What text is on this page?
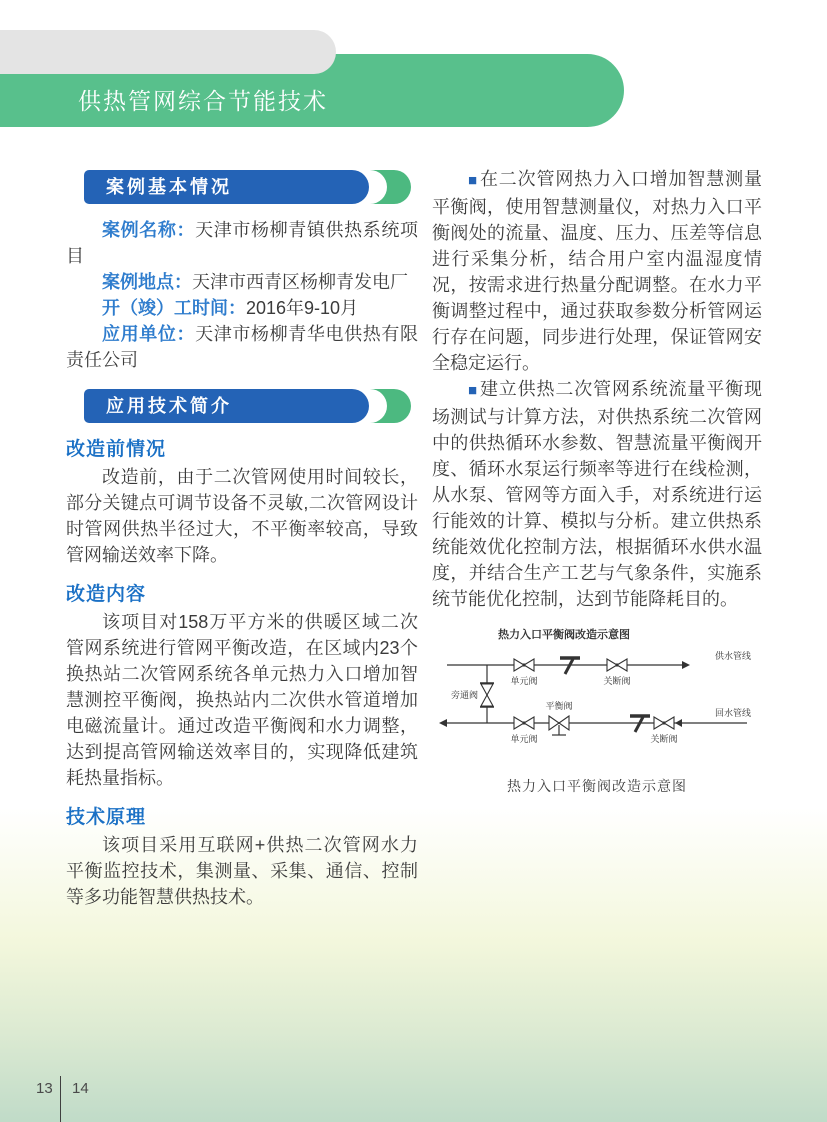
供热管网综合节能技术
案例基本情况

案例名称：天津市杨柳青镇供热系统项目

案例地点：天津市西青区杨柳青发电厂

开（竣）工时间：2016年9-10月

应用单位：天津市杨柳青华电供热有限责任公司

应用技术简介
改造前情况

改造前，由于二次管网使用时间较长，部分关键点可调节设备不灵敏,二次管网设计时管网供热半径过大，不平衡率较高，导致管网输送效率下降。

改造内容

该项目对158万平方米的供暖区域二次管网系统进行管网平衡改造，在区域内23个换热站二次管网系统各单元热力入口增加智慧测控平衡阀，换热站内二次供水管道增加电磁流量计。通过改造平衡阀和水力调整，达到提高管网输送效率目的，实现降低建筑耗热量指标。

技术原理

该项目采用互联网+供热二次管网水力平衡监控技术，集测量、采集、通信、控制等多功能智慧供热技术。

■ 在二次管网热力入口增加智慧测量平衡阀，使用智慧测量仪，对热力入口平衡阀处的流量、温度、压力、压差等信息进行采集分析，结合用户室内温湿度情况，按需求进行热量分配调整。在水力平衡调整过程中，通过获取参数分析管网运行存在问题，同步进行处理，保证管网安全稳定运行。

■ 建立供热二次管网系统流量平衡现场测试与计算方法，对供热系统二次管网中的供热循环水参数、智慧流量平衡阀开度、循环水泵运行频率等进行在线检测，从水泵、管网等方面入手，对系统进行运行能效的计算、模拟与分析。建立供热系统能效优化控制方法，根据循环水供水温度，并结合生产工艺与气象条件，实施系统节能优化控制，达到节能降耗目的。

热力入口平衡阀改造示意图
供水管线
单元阀	关断阀
旁通阀
回水管线
单元阀
平衡阀
关断阀
热力入口平衡阀改造示意图
13 14
